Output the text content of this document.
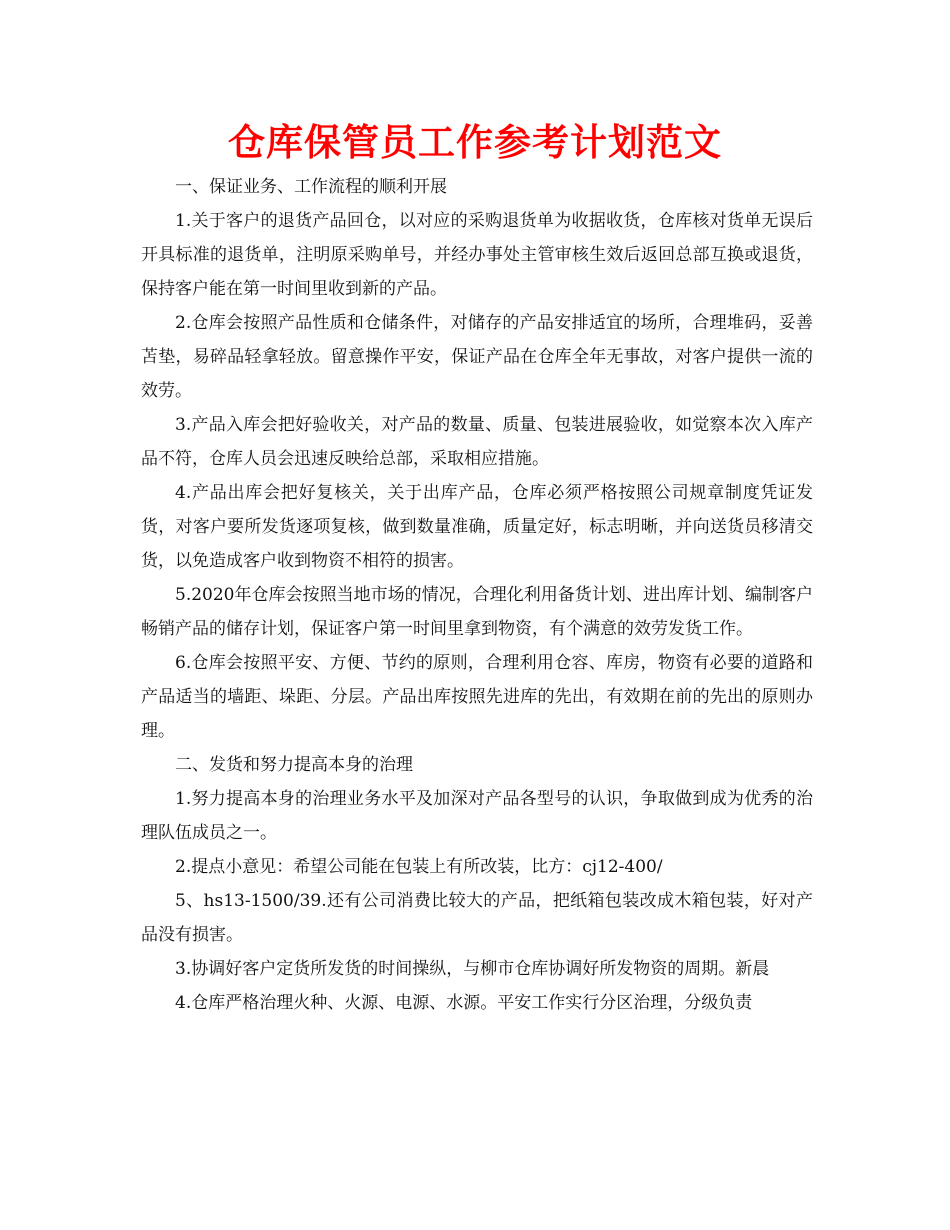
仓库保管员工作参考计划范文

一、保证业务、工作流程的顺利开展

1.关于客户的退货产品回仓，以对应的采购退货单为收据收货，仓库核对货单无误后开具标准的退货单，注明原采购单号，并经办事处主管审核生效后返回总部互换或退货，保持客户能在第一时间里收到新的产品。

2.仓库会按照产品性质和仓储条件，对储存的产品安排适宜的场所，合理堆码，妥善苫垫，易碎品轻拿轻放。留意操作平安，保证产品在仓库全年无事故，对客户提供一流的效劳。

3.产品入库会把好验收关，对产品的数量、质量、包装进展验收，如觉察本次入库产品不符，仓库人员会迅速反映给总部，采取相应措施。

4.产品出库会把好复核关，关于出库产品，仓库必须严格按照公司规章制度凭证发货，对客户要所发货逐项复核，做到数量准确，质量定好，标志明晰，并向送货员移清交货，以免造成客户收到物资不相符的损害。

5.2020年仓库会按照当地市场的情况，合理化利用备货计划、进出库计划、编制客户畅销产品的储存计划，保证客户第一时间里拿到物资，有个满意的效劳发货工作。

6.仓库会按照平安、方便、节约的原则，合理利用仓容、库房，物资有必要的道路和产品适当的墙距、垛距、分层。产品出库按照先进库的先出，有效期在前的先出的原则办理。

二、发货和努力提高本身的治理

1.努力提高本身的治理业务水平及加深对产品各型号的认识，争取做到成为优秀的治理队伍成员之一。

2.提点小意见：希望公司能在包装上有所改装，比方：cj12-400/

5、hs13-1500/39.还有公司消费比较大的产品，把纸箱包装改成木箱包装，好对产品没有损害。

3.协调好客户定货所发货的时间操纵，与柳市仓库协调好所发物资的周期。新晨

4.仓库严格治理火种、火源、电源、水源。平安工作实行分区治理，分级负责
